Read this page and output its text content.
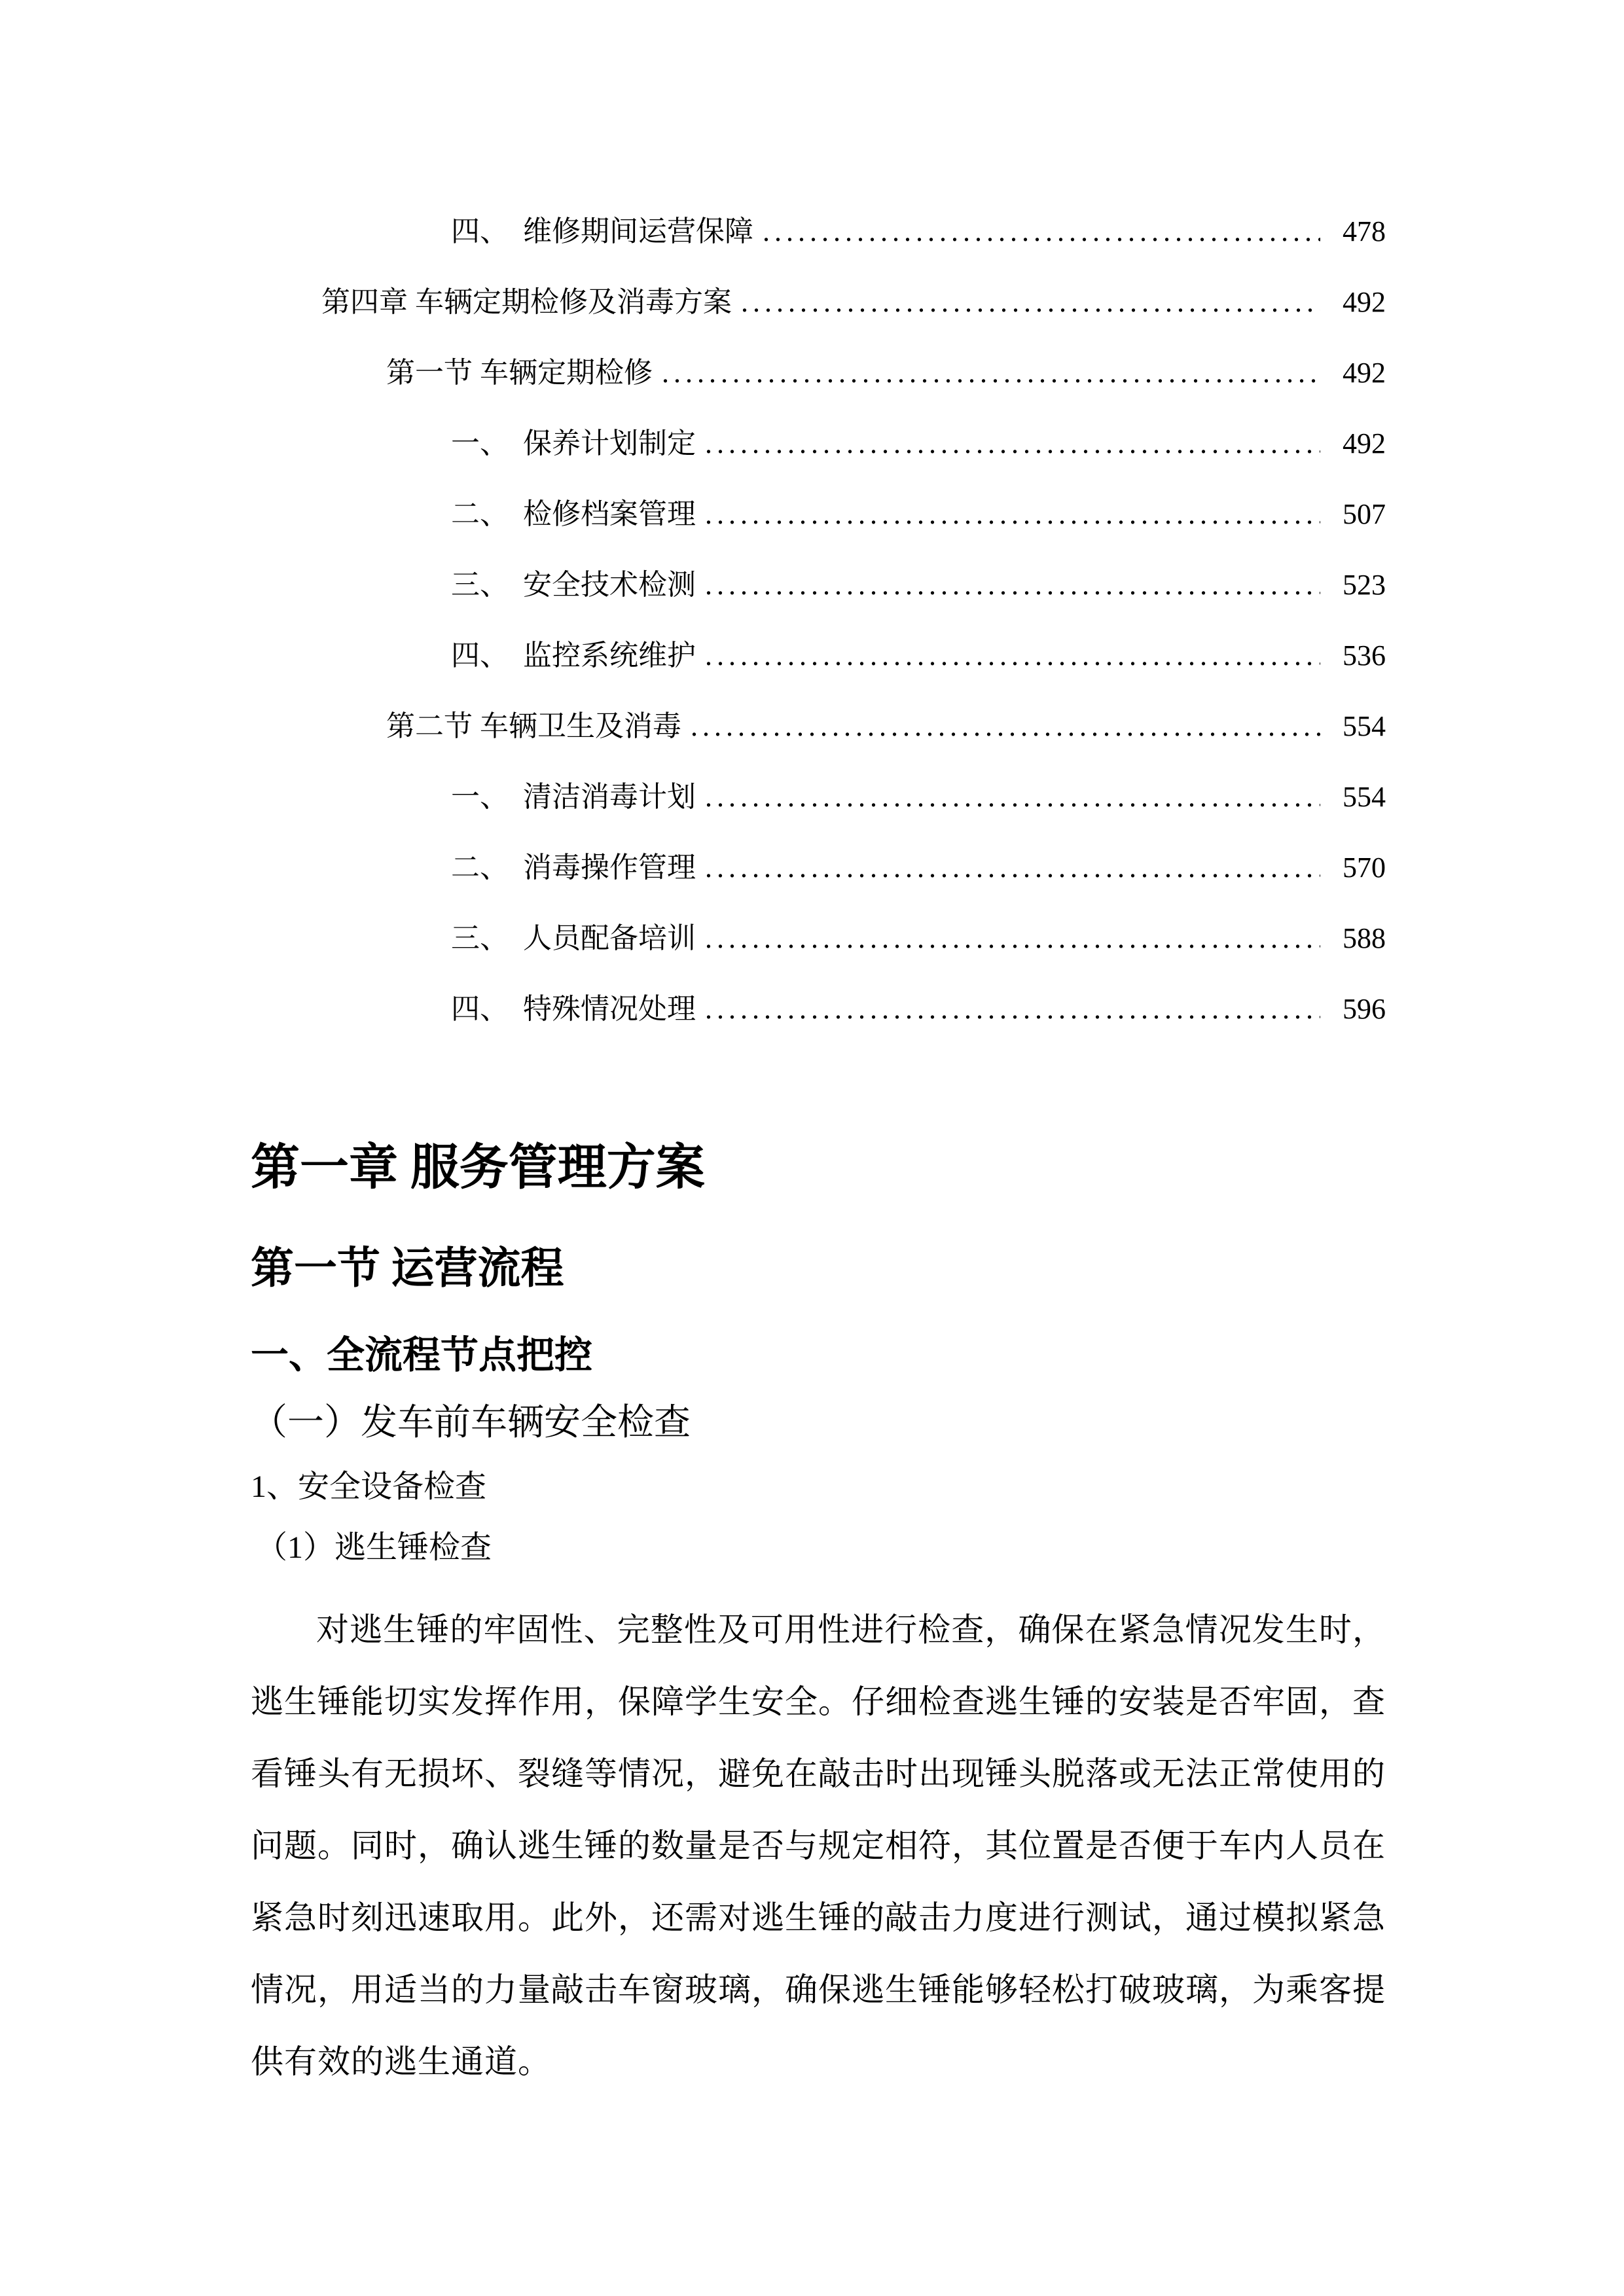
四、　维修期间运营保障 .....	478
第四章 车辆定期检修及消毒方案 .....	492
第一节 车辆定期检修 .....	492
一、　保养计划制定 .....	492
二、　检修档案管理 .....	507
三、　安全技术检测 .....	523
四、　监控系统维护 .....	536
第二节 车辆卫生及消毒 .....	554
一、　清洁消毒计划 .....	554
二、　消毒操作管理 .....	570
三、　人员配备培训 .....	588
四、　特殊情况处理 .....	596
第一章 服务管理方案
第一节 运营流程
一、全流程节点把控
（一）发车前车辆安全检查
1、安全设备检查
（1）逃生锤检查

对逃生锤的牢固性、完整性及可用性进行检查，确保在紧急情况发生时，逃生锤能切实发挥作用，保障学生安全。仔细检查逃生锤的安装是否牢固，查看锤头有无损坏、裂缝等情况，避免在敲击时出现锤头脱落或无法正常使用的问题。同时，确认逃生锤的数量是否与规定相符，其位置是否便于车内人员在紧急时刻迅速取用。此外，还需对逃生锤的敲击力度进行测试，通过模拟紧急情况，用适当的力量敲击车窗玻璃，确保逃生锤能够轻松打破玻璃，为乘客提供有效的逃生通道。
